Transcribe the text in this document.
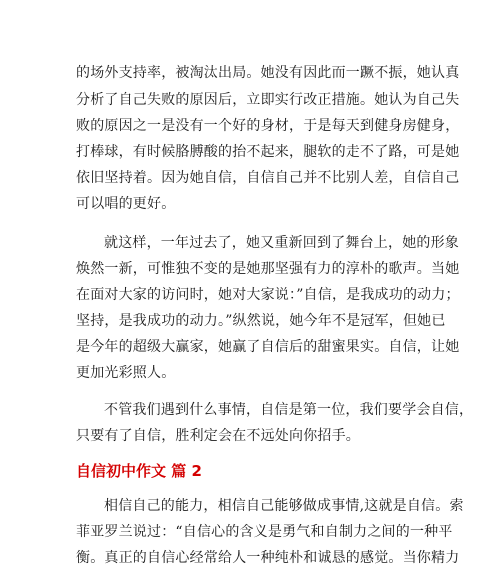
的场外支持率，被淘汰出局。她没有因此而一蹶不振，她认真
分析了自己失败的原因后，立即实行改正措施。她认为自己失
败的原因之一是没有一个好的身材，于是每天到健身房健身，
打棒球，有时候胳膊酸的抬不起来，腿软的走不了路，可是她
依旧坚持着。因为她自信，自信自己并不比别人差，自信自己
可以唱的更好。
就这样，一年过去了，她又重新回到了舞台上，她的形象
焕然一新，可惟独不变的是她那坚强有力的淳朴的歌声。当她
在面对大家的访问时，她对大家说：”自信，是我成功的动力；
坚持，是我成功的动力。”纵然说，她今年不是冠军，但她已
是今年的超级大赢家，她赢了自信后的甜蜜果实。自信，让她
更加光彩照人。
不管我们遇到什么事情，自信是第一位，我们要学会自信，
只要有了自信，胜利定会在不远处向你招手。
自信初中作文 篇 2
相信自己的能力，相信自己能够做成事情,这就是自信。索
菲亚罗兰说过：“自信心的含义是勇气和自制力之间的一种平
衡。真正的自信心经常给人一种纯朴和诚恳的感觉。当你精力
